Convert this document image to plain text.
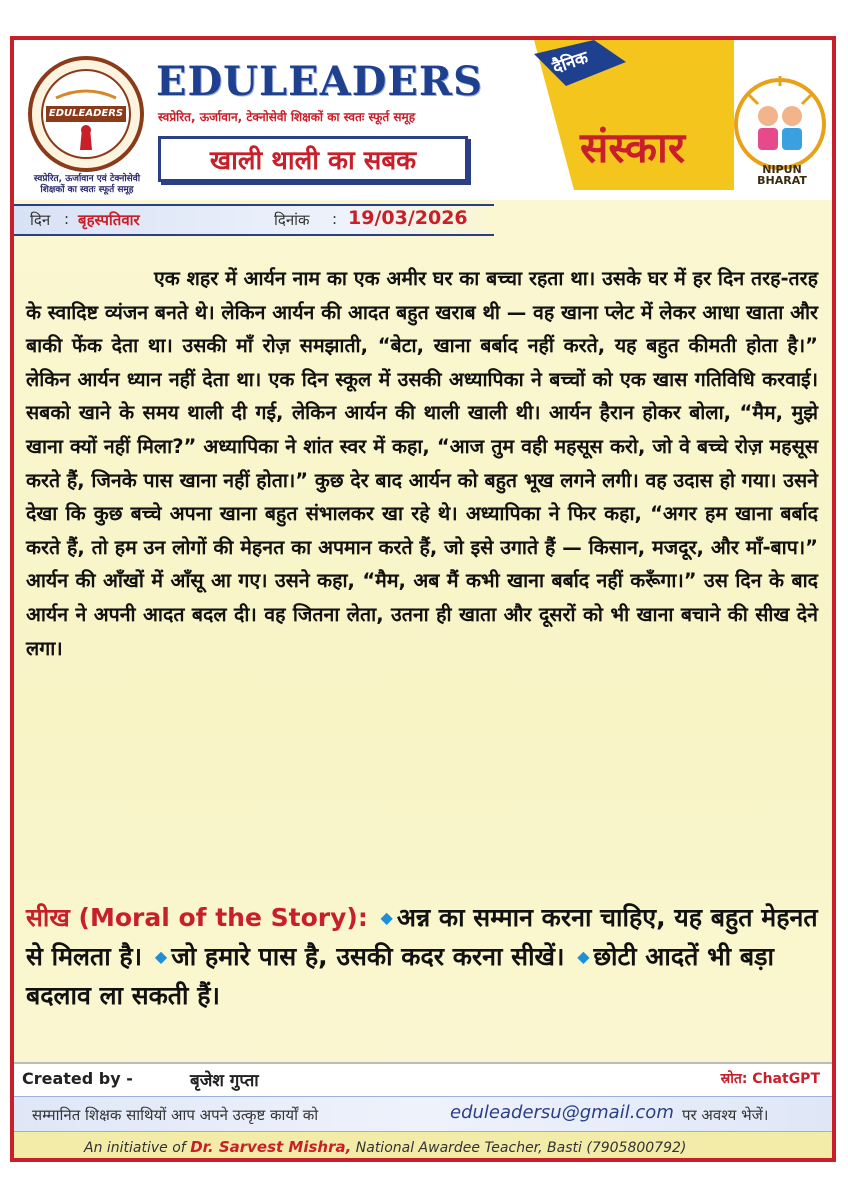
EDULEADERS
स्वप्रेरित, ऊर्जावान एवं टेक्नोसेवी शिक्षकों का स्वतः स्फूर्त समूह
EDULEADERS
स्वप्रेरित, ऊर्जावान, टेक्नोसेवी शिक्षकों का स्वतः स्फूर्त समूह
खाली थाली का सबक
दैनिक
संस्कार	NIPUN
BHARAT
दिन : बृहस्पतिवार	दिनांक : 19/03/2026
एक शहर में आर्यन नाम का एक अमीर घर का बच्चा रहता था। उसके घर में हर दिन तरह-तरह के स्वादिष्ट व्यंजन बनते थे। लेकिन आर्यन की आदत बहुत खराब थी — वह खाना प्लेट में लेकर आधा खाता और बाकी फेंक देता था। उसकी माँ रोज़ समझाती, “बेटा, खाना बर्बाद नहीं करते, यह बहुत कीमती होता है।” लेकिन आर्यन ध्यान नहीं देता था। एक दिन स्कूल में उसकी अध्यापिका ने बच्चों को एक खास गतिविधि करवाई। सबको खाने के समय थाली दी गई, लेकिन आर्यन की थाली खाली थी। आर्यन हैरान होकर बोला, “मैम, मुझे खाना क्यों नहीं मिला?” अध्यापिका ने शांत स्वर में कहा, “आज तुम वही महसूस करो, जो वे बच्चे रोज़ महसूस करते हैं, जिनके पास खाना नहीं होता।” कुछ देर बाद आर्यन को बहुत भूख लगने लगी। वह उदास हो गया। उसने देखा कि कुछ बच्चे अपना खाना बहुत संभालकर खा रहे थे। अध्यापिका ने फिर कहा, “अगर हम खाना बर्बाद करते हैं, तो हम उन लोगों की मेहनत का अपमान करते हैं, जो इसे उगाते हैं — किसान, मजदूर, और माँ-बाप।” आर्यन की आँखों में आँसू आ गए। उसने कहा, “मैम, अब मैं कभी खाना बर्बाद नहीं करूँगा।” उस दिन के बाद आर्यन ने अपनी आदत बदल दी। वह जितना लेता, उतना ही खाता और दूसरों को भी खाना बचाने की सीख देने लगा।
सीख (Moral of the Story): ◆ अन्न का सम्मान करना चाहिए, यह बहुत मेहनत से मिलता है। ◆ जो हमारे पास है, उसकी कदर करना सीखें। ◆ छोटी आदतें भी बड़ा बदलाव ला सकती हैं।
Created by -	बृजेश गुप्ता	स्रोत: ChatGPT
सम्मानित शिक्षक साथियों आप अपने उत्कृष्ट कार्यों को	eduleadersu@gmail.com पर अवश्य भेजें।
An initiative of Dr. Sarvest Mishra, National Awardee Teacher, Basti (7905800792)
